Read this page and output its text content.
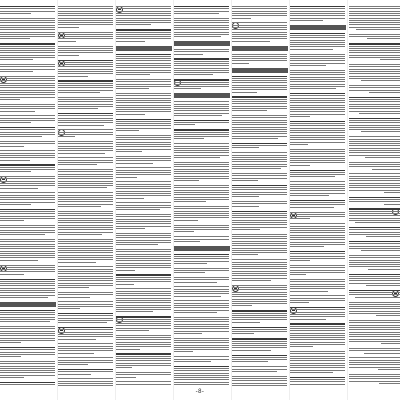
-8-
